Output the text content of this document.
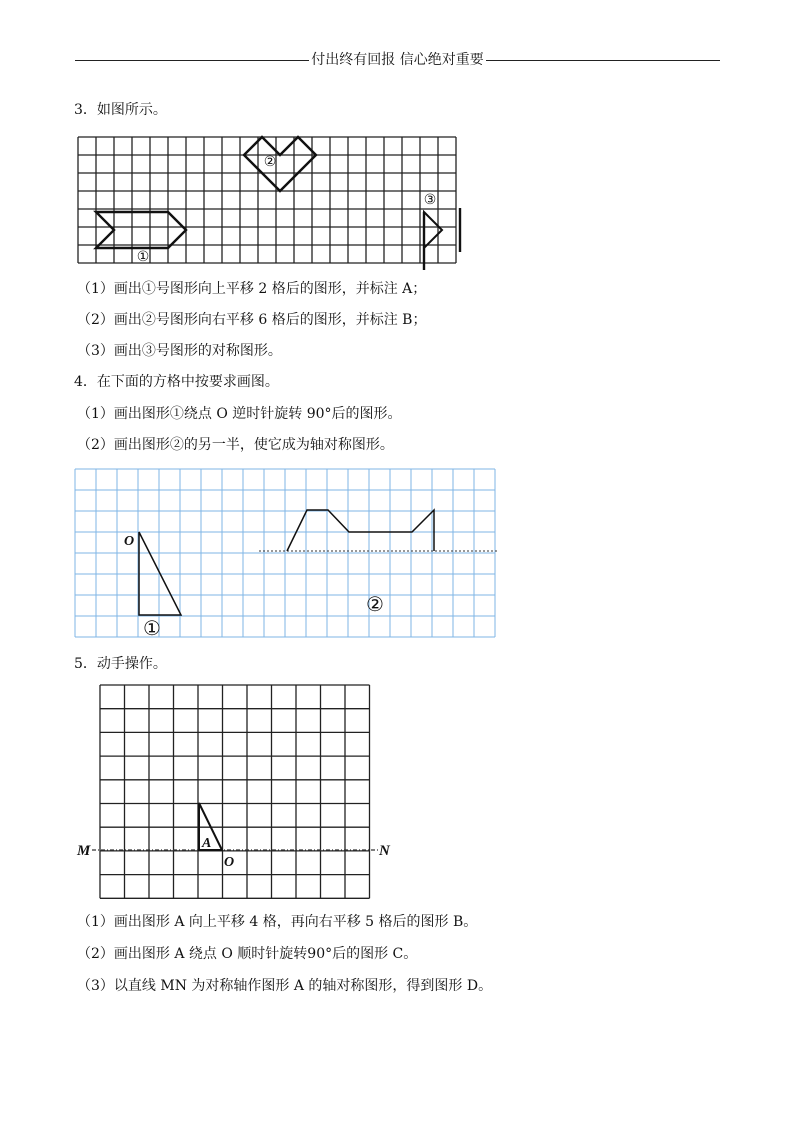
付出终有回报 信心绝对重要
3．如图所示。
①
②
③
（1）画出①号图形向上平移 2 格后的图形，并标注 A；
（2）画出②号图形向右平移 6 格后的图形，并标注 B；
（3）画出③号图形的对称图形。
4．在下面的方格中按要求画图。
（1）画出图形①绕点 O 逆时针旋转 90°后的图形。
（2）画出图形②的另一半，使它成为轴对称图形。
O
①
②
5．动手操作。
M	N
A
O
（1）画出图形 A 向上平移 4 格，再向右平移 5 格后的图形 B。
（2）画出图形 A 绕点 O 顺时针旋转90°后的图形 C。
（3）以直线 MN 为对称轴作图形 A 的轴对称图形，得到图形 D。
